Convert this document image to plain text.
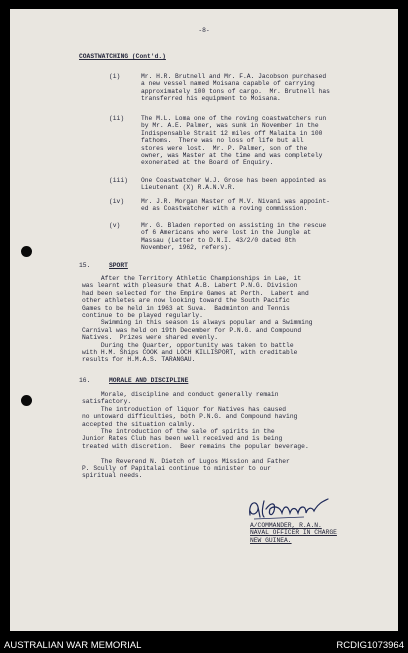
-8-
COASTWATCHING (Cont'd.)
(i)	Mr. H.R. Brutnell and Mr. F.A. Jacobson purchased
a new vessel named Moisana capable of carrying
approximately 100 tons of cargo.  Mr. Brutnell has
transferred his equipment to Moisana.
(ii)	The M.L. Loma one of the roving coastwatchers run
by Mr. A.E. Palmer, was sunk in November in the
Indispensable Strait 12 miles off Malaita in 100
fathoms.  There was no loss of life but all
stores were lost.  Mr. P. Palmer, son of the
owner, was Master at the time and was completely
exonerated at the Board of Enquiry.
(iii) One Coastwatcher W.J. Grose has been appointed as
Lieutenant (X) R.A.N.V.R.
(iv)	Mr. J.R. Morgan Master of M.V. Nivani was appoint-
ed as Coastwatcher with a roving commission.
(v)	Mr. G. Bladen reported on assisting in the rescue
of 6 Americans who were lost in the Jungle at
Massau (Letter to D.N.I. 43/2/0 dated 8th
November, 1962, refers).
15.	SPORT
After the Territory Athletic Championships in Lae, it
was learnt with pleasure that A.B. Labert P.N.G. Division
had been selected for the Empire Games at Perth.  Labert and
other athletes are now looking toward the South Pacific
Games to be held in 1963 at Suva.  Badminton and Tennis
continue to be played regularly.
Swimming in this season is always popular and a Swimming
Carnival was held on 19th December for P.N.G. and Compound
Natives.  Prizes were shared evenly.
During the Quarter, opportunity was taken to battle
with H.M. Ships COOK and LOCH KILLISPORT, with creditable
results for H.M.A.S. TARANGAU.
16.	MORALE AND DISCIPLINE
Morale, discipline and conduct generally remain
satisfactory.
The introduction of liquor for Natives has caused
no untoward difficulties, both P.N.G. and Compound having
accepted the situation calmly.
The introduction of the sale of spirits in the
Junior Rates Club has been well received and is being
treated with discretion.  Beer remains the popular beverage.

The Reverend N. Dietch of Lugos Mission and Father
P. Scully of Papitalai continue to minister to our
spiritual needs.
A/COMMANDER, R.A.N.
NAVAL OFFICER IN CHARGE
NEW GUINEA.
AUSTRALIAN WAR MEMORIAL	RCDIG1073964
